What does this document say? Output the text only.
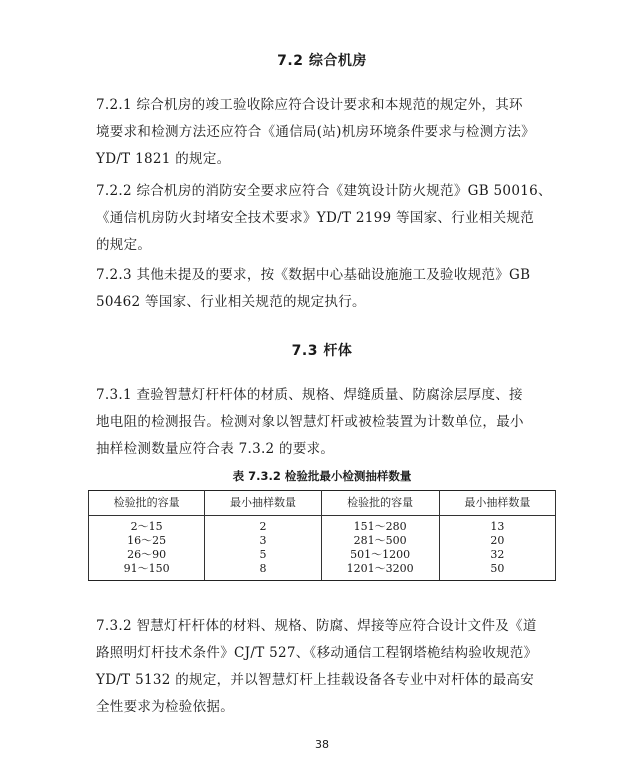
7.2 综合机房
7.2.1 综合机房的竣工验收除应符合设计要求和本规范的规定外，其环
境要求和检测方法还应符合《通信局(站)机房环境条件要求与检测方法》
YD/T 1821 的规定。
7.2.2 综合机房的消防安全要求应符合《建筑设计防火规范》GB 50016、
《通信机房防火封堵安全技术要求》YD/T 2199 等国家、行业相关规范
的规定。
7.2.3 其他未提及的要求，按《数据中心基础设施施工及验收规范》GB
50462 等国家、行业相关规范的规定执行。
7.3 杆体
7.3.1 查验智慧灯杆杆体的材质、规格、焊缝质量、防腐涂层厚度、接
地电阻的检测报告。检测对象以智慧灯杆或被检装置为计数单位，最小
抽样检测数量应符合表 7.3.2 的要求。
表 7.3.2 检验批最小检测抽样数量
检验批的容量	最小抽样数量	检验批的容量	最小抽样数量
2～15	2	151～280	13
16～25	3	281～500	20
26～90	5	501～1200	32
91～150	8	1201～3200	50
7.3.2 智慧灯杆杆体的材料、规格、防腐、焊接等应符合设计文件及《道
路照明灯杆技术条件》CJ/T 527、《移动通信工程钢塔桅结构验收规范》
YD/T 5132 的规定，并以智慧灯杆上挂载设备各专业中对杆体的最高安
全性要求为检验依据。
38
